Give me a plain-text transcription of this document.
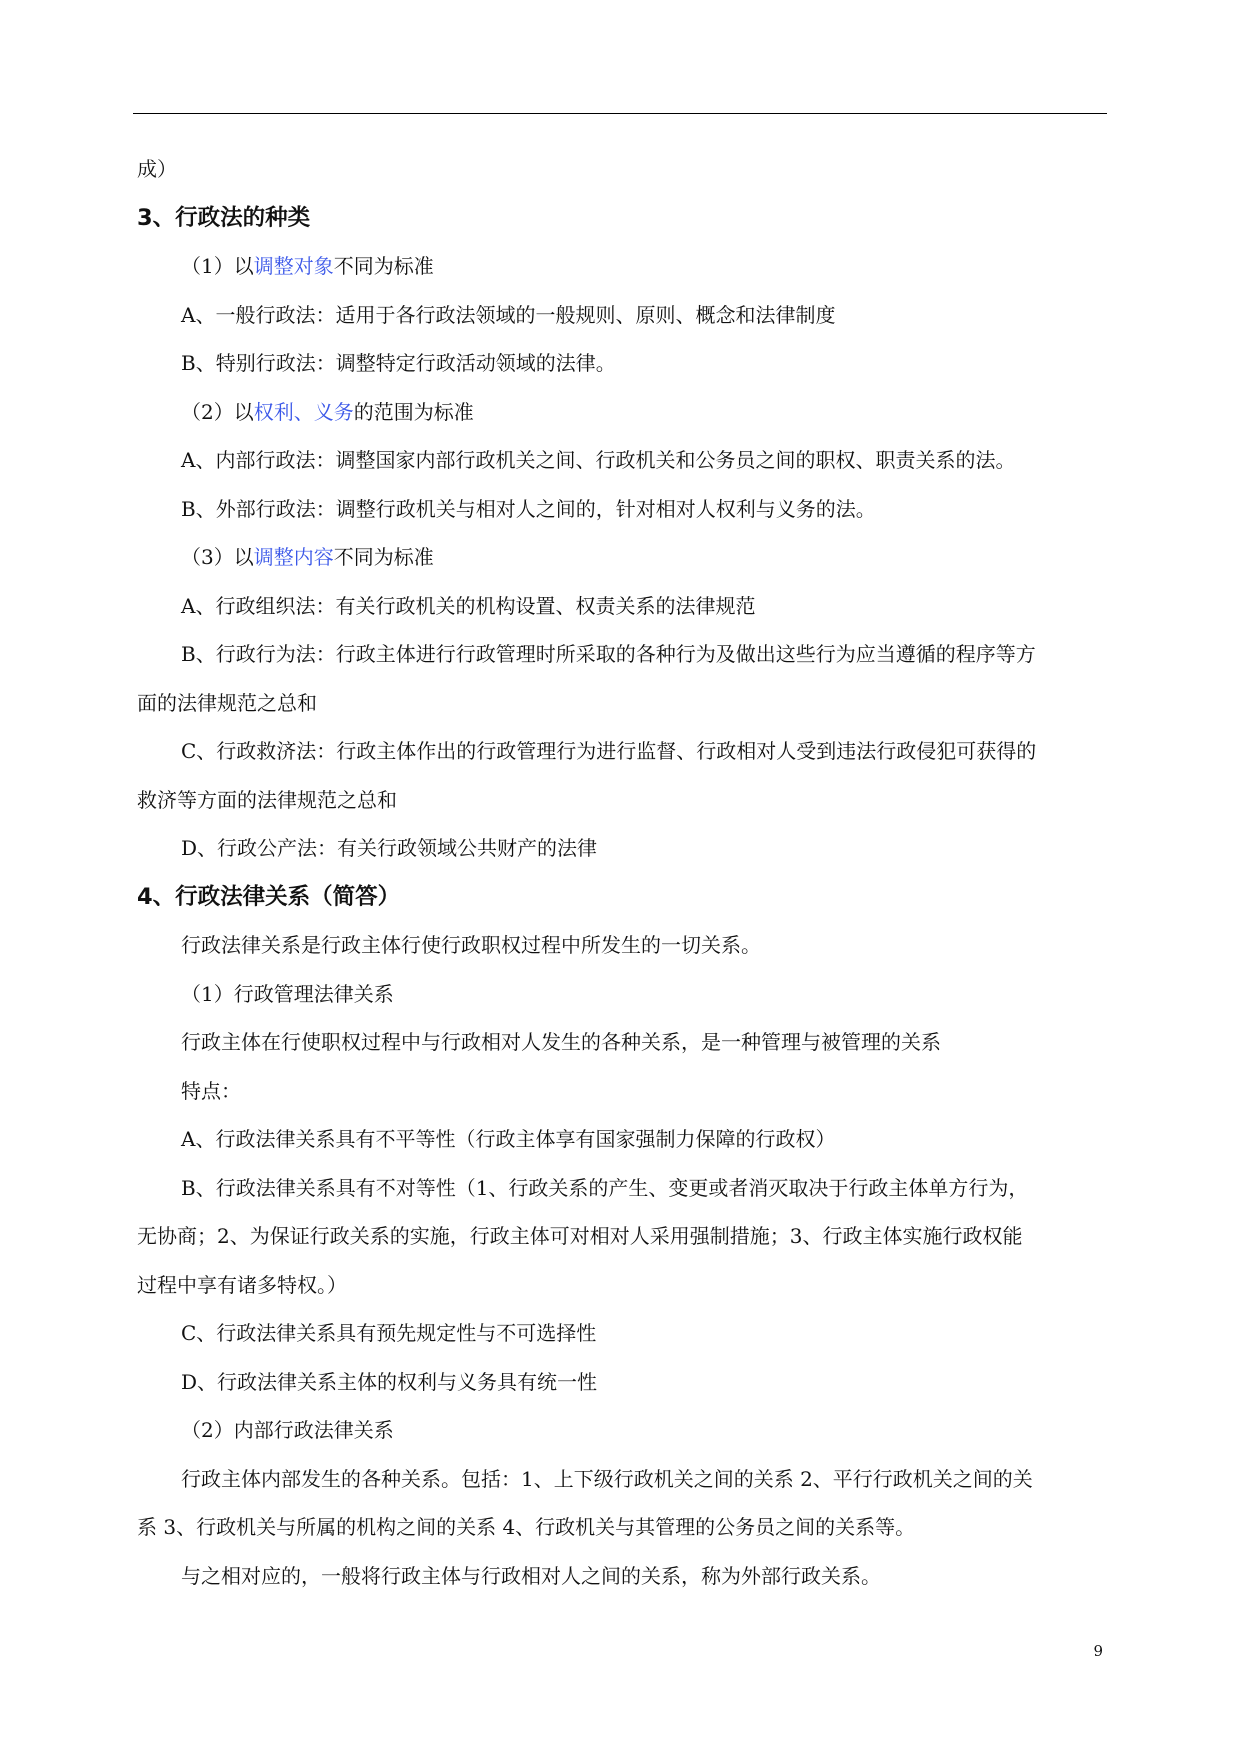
成）

3、行政法的种类

（1）以调整对象不同为标准

A、一般行政法：适用于各行政法领域的一般规则、原则、概念和法律制度

B、特别行政法：调整特定行政活动领域的法律。

（2）以权利、义务的范围为标准

A、内部行政法：调整国家内部行政机关之间、行政机关和公务员之间的职权、职责关系的法。

B、外部行政法：调整行政机关与相对人之间的，针对相对人权利与义务的法。

（3）以调整内容不同为标准

A、行政组织法：有关行政机关的机构设置、权责关系的法律规范

B、行政行为法：行政主体进行行政管理时所采取的各种行为及做出这些行为应当遵循的程序等方

面的法律规范之总和

C、行政救济法：行政主体作出的行政管理行为进行监督、行政相对人受到违法行政侵犯可获得的

救济等方面的法律规范之总和

D、行政公产法：有关行政领域公共财产的法律

4、行政法律关系（简答）

行政法律关系是行政主体行使行政职权过程中所发生的一切关系。

（1）行政管理法律关系

行政主体在行使职权过程中与行政相对人发生的各种关系，是一种管理与被管理的关系

特点：

A、行政法律关系具有不平等性（行政主体享有国家强制力保障的行政权）

B、行政法律关系具有不对等性（1、行政关系的产生、变更或者消灭取决于行政主体单方行为，

无协商；2、为保证行政关系的实施，行政主体可对相对人采用强制措施；3、行政主体实施行政权能

过程中享有诸多特权。）

C、行政法律关系具有预先规定性与不可选择性

D、行政法律关系主体的权利与义务具有统一性

（2）内部行政法律关系

行政主体内部发生的各种关系。包括：1、上下级行政机关之间的关系 2、平行行政机关之间的关

系 3、行政机关与所属的机构之间的关系 4、行政机关与其管理的公务员之间的关系等。

与之相对应的，一般将行政主体与行政相对人之间的关系，称为外部行政关系。

9
